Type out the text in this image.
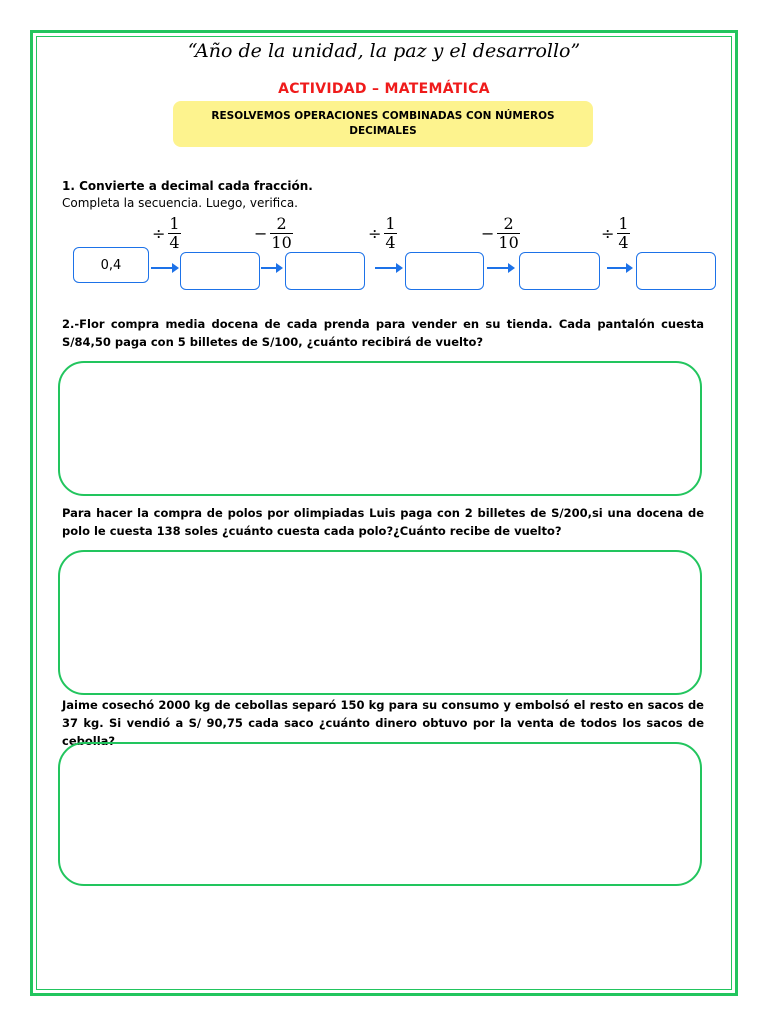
“Año de la unidad, la paz y el desarrollo”
ACTIVIDAD – MATEMÁTICA
RESOLVEMOS OPERACIONES COMBINADAS CON NÚMEROS DECIMALES
1. Convierte a decimal cada fracción.
Completa la secuencia. Luego, verifica.
0,4
÷ $\frac{1}{4}$	− $\frac{2}{10}$	÷ $\frac{1}{4}$	− $\frac{2}{10}$	÷ $\frac{1}{4}$
2.-Flor compra media docena de cada prenda para vender en su tienda. Cada pantalón cuesta S/84,50 paga con 5 billetes de S/100, ¿cuánto recibirá de vuelto?
Para hacer la compra de polos por olimpiadas Luis paga con 2 billetes de S/200,si una docena de polo le cuesta 138 soles ¿cuánto cuesta cada polo?¿Cuánto recibe de vuelto?
Jaime cosechó 2000 kg de cebollas separó 150 kg para su consumo y embolsó el resto en sacos de 37 kg. Si vendió a S/ 90,75 cada saco ¿cuánto dinero obtuvo por la venta de todos los sacos de cebolla?
